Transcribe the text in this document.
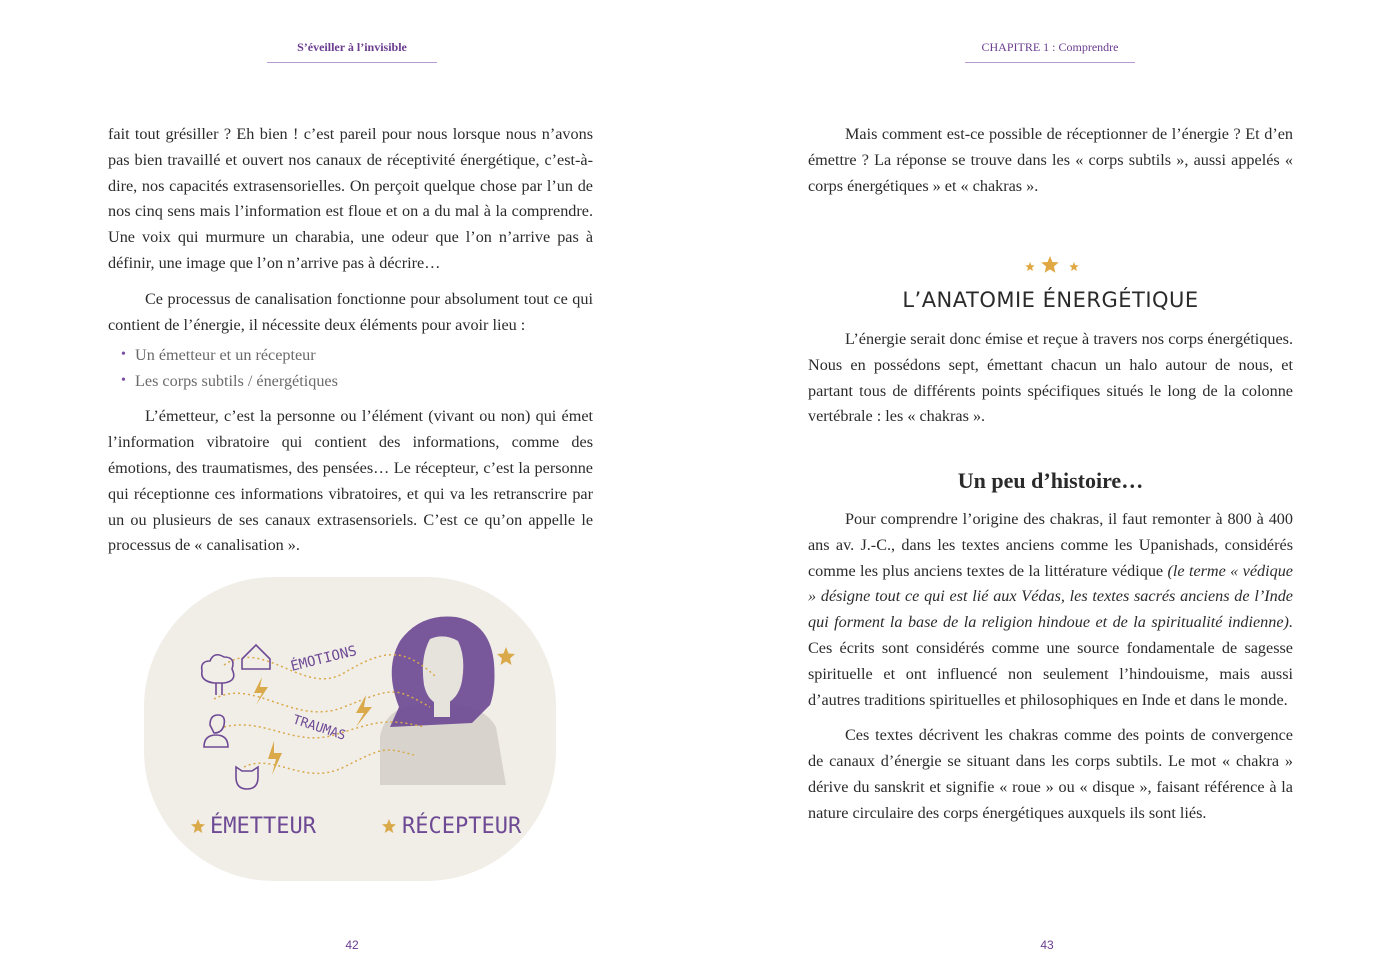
S’éveiller à l’invisible

fait tout grésiller ? Eh bien ! c’est pareil pour nous lorsque nous n’avons pas bien travaillé et ouvert nos canaux de réceptivité énergétique, c’est-à-dire, nos capacités extrasensorielles. On perçoit quelque chose par l’un de nos cinq sens mais l’information est floue et on a du mal à la comprendre. Une voix qui murmure un charabia, une odeur que l’on n’arrive pas à définir, une image que l’on n’arrive pas à décrire…

Ce processus de canalisation fonctionne pour absolument tout ce qui contient de l’énergie, il nécessite deux éléments pour avoir lieu :

• Un émetteur et un récepteur
• Les corps subtils / énergétiques

L’émetteur, c’est la personne ou l’élément (vivant ou non) qui émet l’information vibratoire qui contient des informations, comme des émotions, des traumatismes, des pensées… Le récepteur, c’est la personne qui réceptionne ces informations vibratoires, et qui va les retranscrire par un ou plusieurs de ses canaux extrasensoriels. C’est ce qu’on appelle le processus de « canalisation ».

ÉMOTIONS
TRAUMAS
ÉMETTEUR	RÉCEPTEUR
42
CHAPITRE 1 : Comprendre

Mais comment est-ce possible de réceptionner de l’énergie ? Et d’en émettre ? La réponse se trouve dans les « corps subtils », aussi appelés « corps énergétiques » et « chakras ».

L’ANATOMIE ÉNERGÉTIQUE

L’énergie serait donc émise et reçue à travers nos corps énergétiques. Nous en possédons sept, émettant chacun un halo autour de nous, et partant tous de différents points spécifiques situés le long de la colonne vertébrale : les « chakras ».

Un peu d’histoire…

Pour comprendre l’origine des chakras, il faut remonter à 800 à 400 ans av. J.-C., dans les textes anciens comme les Upanishads, considérés comme les plus anciens textes de la littérature védique (le terme « védique » désigne tout ce qui est lié aux Védas, les textes sacrés anciens de l’Inde qui forment la base de la religion hindoue et de la spiritualité indienne). Ces écrits sont considérés comme une source fondamentale de sagesse spirituelle et ont influencé non seulement l’hindouisme, mais aussi d’autres traditions spirituelles et philosophiques en Inde et dans le monde.

Ces textes décrivent les chakras comme des points de convergence de canaux d’énergie se situant dans les corps subtils. Le mot « chakra » dérive du sanskrit et signifie « roue » ou « disque », faisant référence à la nature circulaire des corps énergétiques auxquels ils sont liés.

43
